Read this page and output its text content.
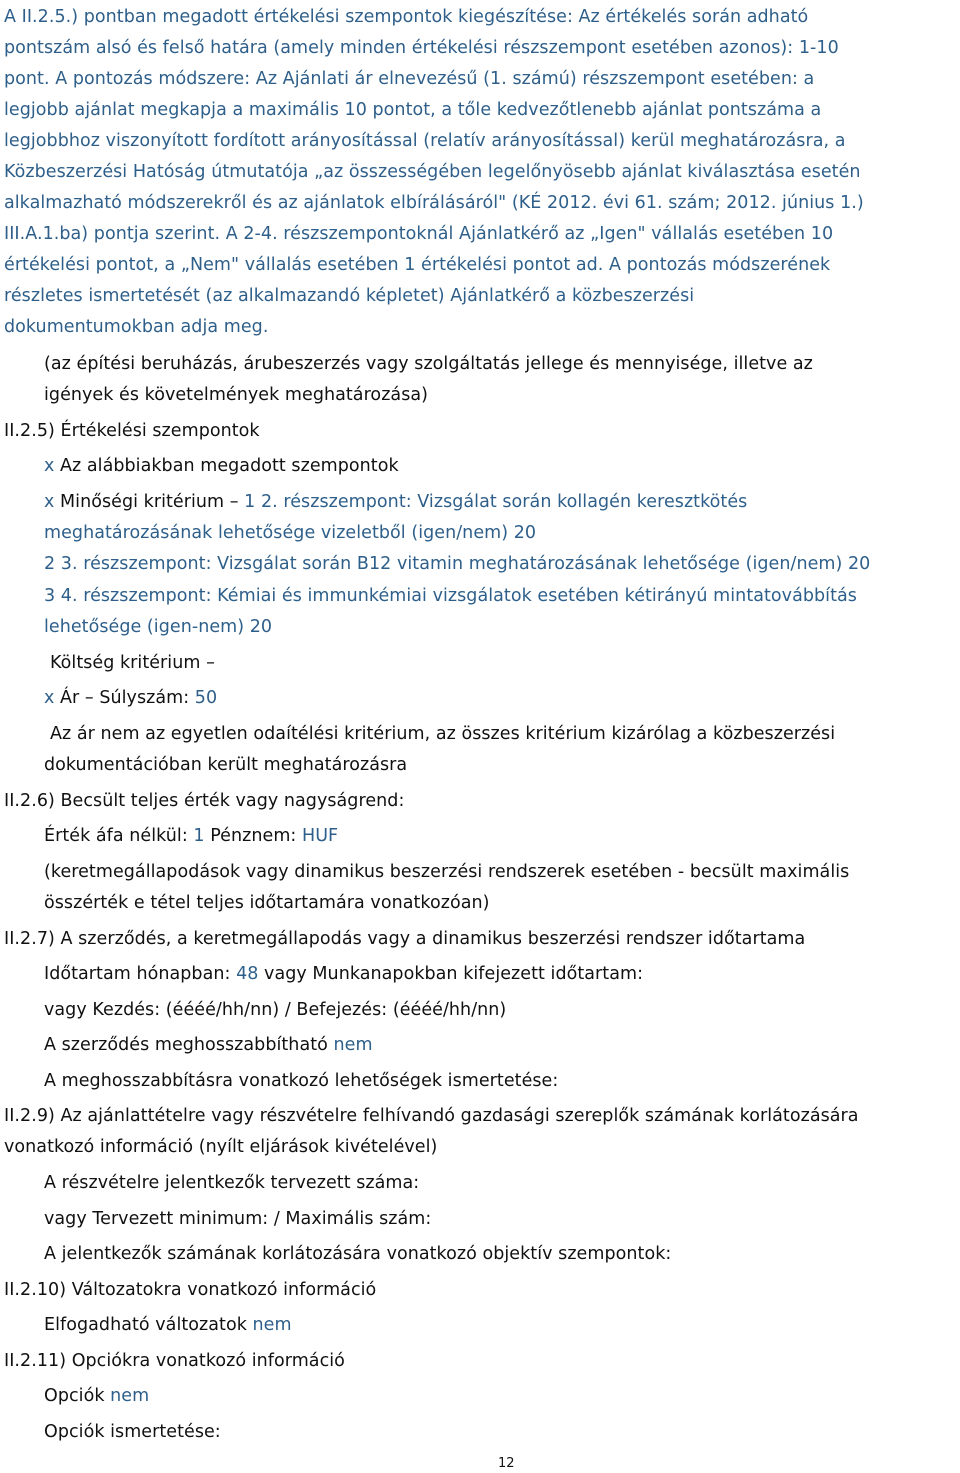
A II.2.5.) pontban megadott értékelési szempontok kiegészítése: Az értékelés során adható
pontszám alsó és felső határa (amely minden értékelési részszempont esetében azonos): 1-10
pont. A pontozás módszere: Az Ajánlati ár elnevezésű (1. számú) részszempont esetében: a
legjobb ajánlat megkapja a maximális 10 pontot, a tőle kedvezőtlenebb ajánlat pontszáma a
legjobbhoz viszonyított fordított arányosítással (relatív arányosítással) kerül meghatározásra, a
Közbeszerzési Hatóság útmutatója „az összességében legelőnyösebb ajánlat kiválasztása esetén
alkalmazható módszerekről és az ajánlatok elbírálásáról" (KÉ 2012. évi 61. szám; 2012. június 1.)
III.A.1.ba) pontja szerint. A 2-4. részszempontoknál Ajánlatkérő az „Igen" vállalás esetében 10
értékelési pontot, a „Nem" vállalás esetében 1 értékelési pontot ad. A pontozás módszerének
részletes ismertetését (az alkalmazandó képletet) Ajánlatkérő a közbeszerzési
dokumentumokban adja meg.
(az építési beruházás, árubeszerzés vagy szolgáltatás jellege és mennyisége, illetve az
igények és követelmények meghatározása)
II.2.5) Értékelési szempontok
x Az alábbiakban megadott szempontok
x Minőségi kritérium – 1 2. részszempont: Vizsgálat során kollagén keresztkötés
meghatározásának lehetősége vizeletből (igen/nem) 20
2 3. részszempont: Vizsgálat során B12 vitamin meghatározásának lehetősége (igen/nem) 20
3 4. részszempont: Kémiai és immunkémiai vizsgálatok esetében kétirányú mintatovábbítás
lehetősége (igen-nem) 20
Költség kritérium –
x Ár – Súlyszám: 50
Az ár nem az egyetlen odaítélési kritérium, az összes kritérium kizárólag a közbeszerzési
dokumentációban került meghatározásra
II.2.6) Becsült teljes érték vagy nagyságrend:
Érték áfa nélkül: 1 Pénznem: HUF
(keretmegállapodások vagy dinamikus beszerzési rendszerek esetében - becsült maximális
összérték e tétel teljes időtartamára vonatkozóan)
II.2.7) A szerződés, a keretmegállapodás vagy a dinamikus beszerzési rendszer időtartama
Időtartam hónapban: 48 vagy Munkanapokban kifejezett időtartam:
vagy Kezdés: (éééé/hh/nn) / Befejezés: (éééé/hh/nn)
A szerződés meghosszabbítható nem
A meghosszabbításra vonatkozó lehetőségek ismertetése:
II.2.9) Az ajánlattételre vagy részvételre felhívandó gazdasági szereplők számának korlátozására
vonatkozó információ (nyílt eljárások kivételével)
A részvételre jelentkezők tervezett száma:
vagy Tervezett minimum: / Maximális szám:
A jelentkezők számának korlátozására vonatkozó objektív szempontok:
II.2.10) Változatokra vonatkozó információ
Elfogadható változatok nem
II.2.11) Opciókra vonatkozó információ
Opciók nem
Opciók ismertetése:
12
